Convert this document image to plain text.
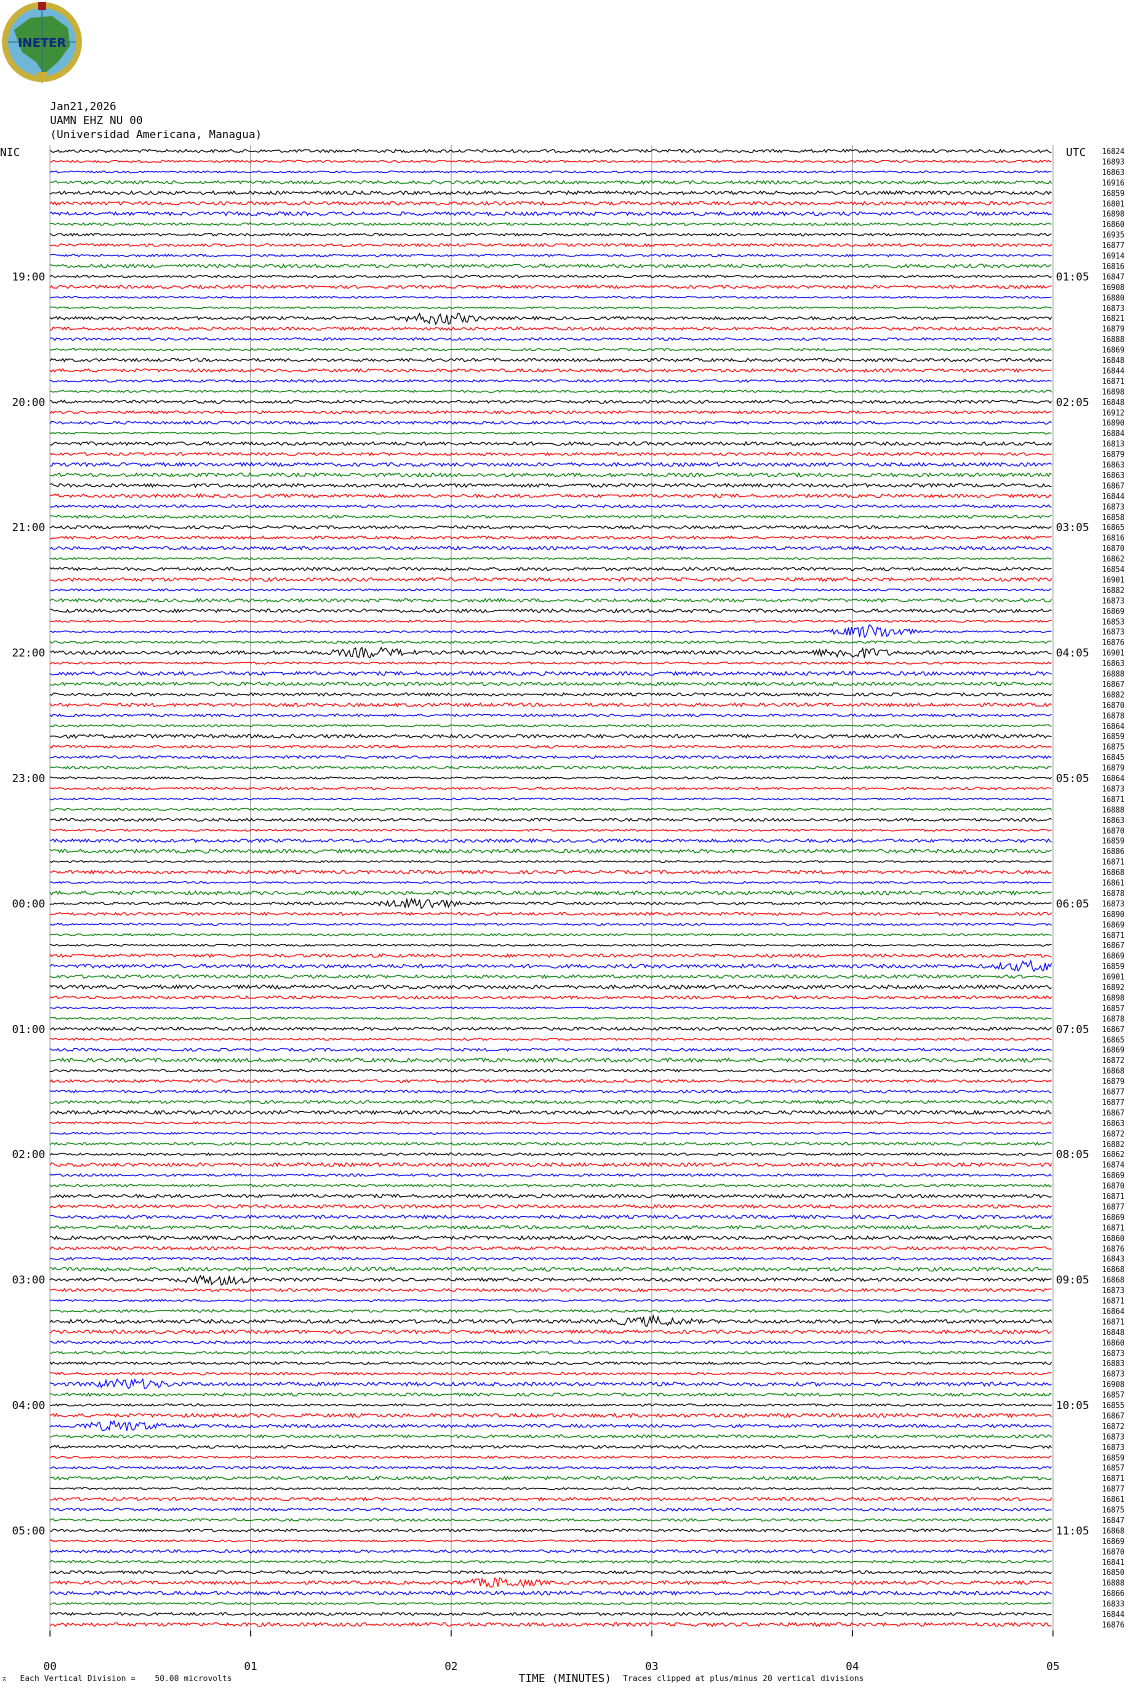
INETER
Jan21,2026
UAMN EHZ NU 00
(Universidad Americana, Managua)
NIC	UTC
19:00
20:00
21:00
22:00
23:00
00:00
01:00
02:00
03:00
04:00
05:00
01:05
02:05
03:05
04:05
05:05
06:05
07:05
08:05
09:05
10:05
11:05
16824
16893
16863
16916
16859
16801
16898
16860
16935
16877
16914
16816
16847
16908
16880
16873
16821
16879
16888
16869
16848
16844
16871
16898
16848
16912
16890
16884
16813
16879
16863
16863
16867
16844
16873
16858
16865
16816
16870
16862
16854
16901
16882
16873
16869
16853
16873
16876
16901
16863
16888
16867
16882
16870
16878
16864
16859
16875
16845
16879
16864
16873
16871
16888
16863
16870
16859
16886
16871
16868
16861
16878
16873
16890
16869
16871
16867
16869
16859
16901
16892
16898
16857
16878
16867
16865
16869
16872
16868
16879
16877
16877
16867
16863
16872
16882
16862
16874
16869
16870
16871
16877
16869
16871
16860
16876
16843
16868
16868
16873
16871
16864
16871
16848
16860
16873
16883
16873
16908
16857
16855
16867
16872
16873
16873
16859
16857
16871
16877
16861
16875
16847
16868
16869
16870
16841
16850
16888
16866
16833
16844
16876
00	01	02	03	04	05
TIME (MINUTES)
⌅ Each Vertical Division =    50.00 microvolts	Traces clipped at plus/minus 20 vertical divisions
